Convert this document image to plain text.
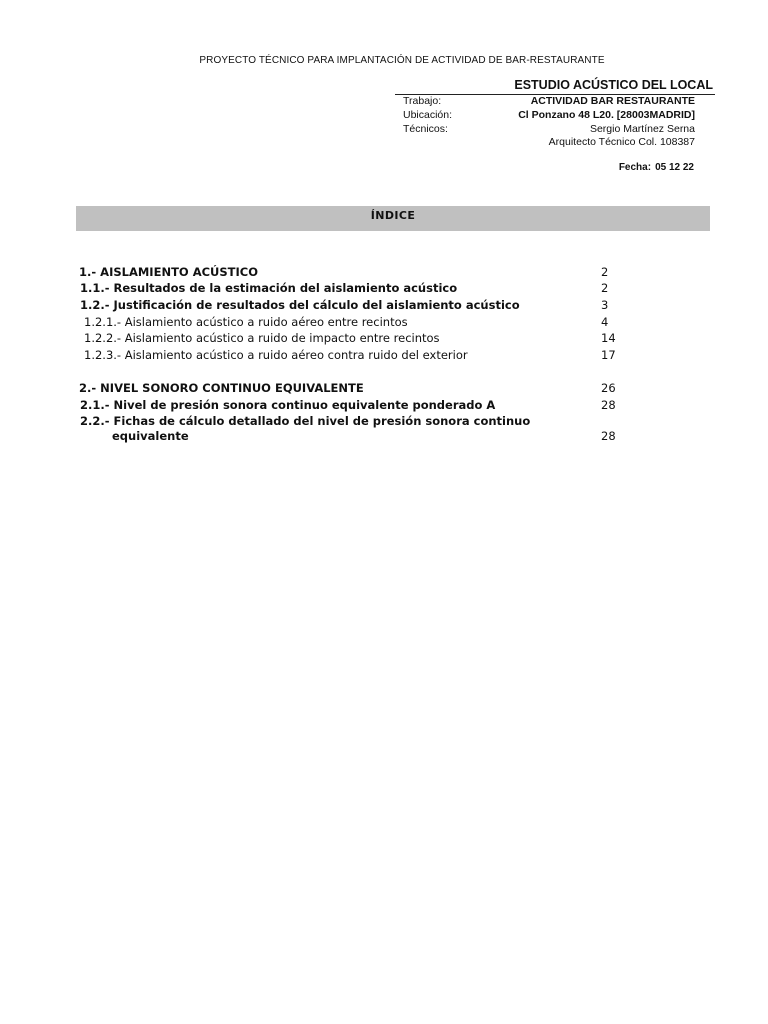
PROYECTO TÉCNICO PARA IMPLANTACIÓN DE ACTIVIDAD DE BAR-RESTAURANTE
ESTUDIO ACÚSTICO DEL LOCAL
Trabajo:	ACTIVIDAD BAR RESTAURANTE
Ubicación:	Cl Ponzano 48 L20. [28003MADRID]
Técnicos:	Sergio Martínez Serna
Arquitecto Técnico Col. 108387
Fecha: 05 12 22
ÍNDICE
1.- AISLAMIENTO ACÚSTICO	2
1.1.- Resultados de la estimación del aislamiento acústico	2
1.2.- Justificación de resultados del cálculo del aislamiento acústico	3
1.2.1.- Aislamiento acústico a ruido aéreo entre recintos	4
1.2.2.- Aislamiento acústico a ruido de impacto entre recintos	14
1.2.3.- Aislamiento acústico a ruido aéreo contra ruido del exterior	17
2.- NIVEL SONORO CONTINUO EQUIVALENTE	26
2.1.- Nivel de presión sonora continuo equivalente ponderado A	28
2.2.- Fichas de cálculo detallado del nivel de presión sonora continuo
equivalente	28
